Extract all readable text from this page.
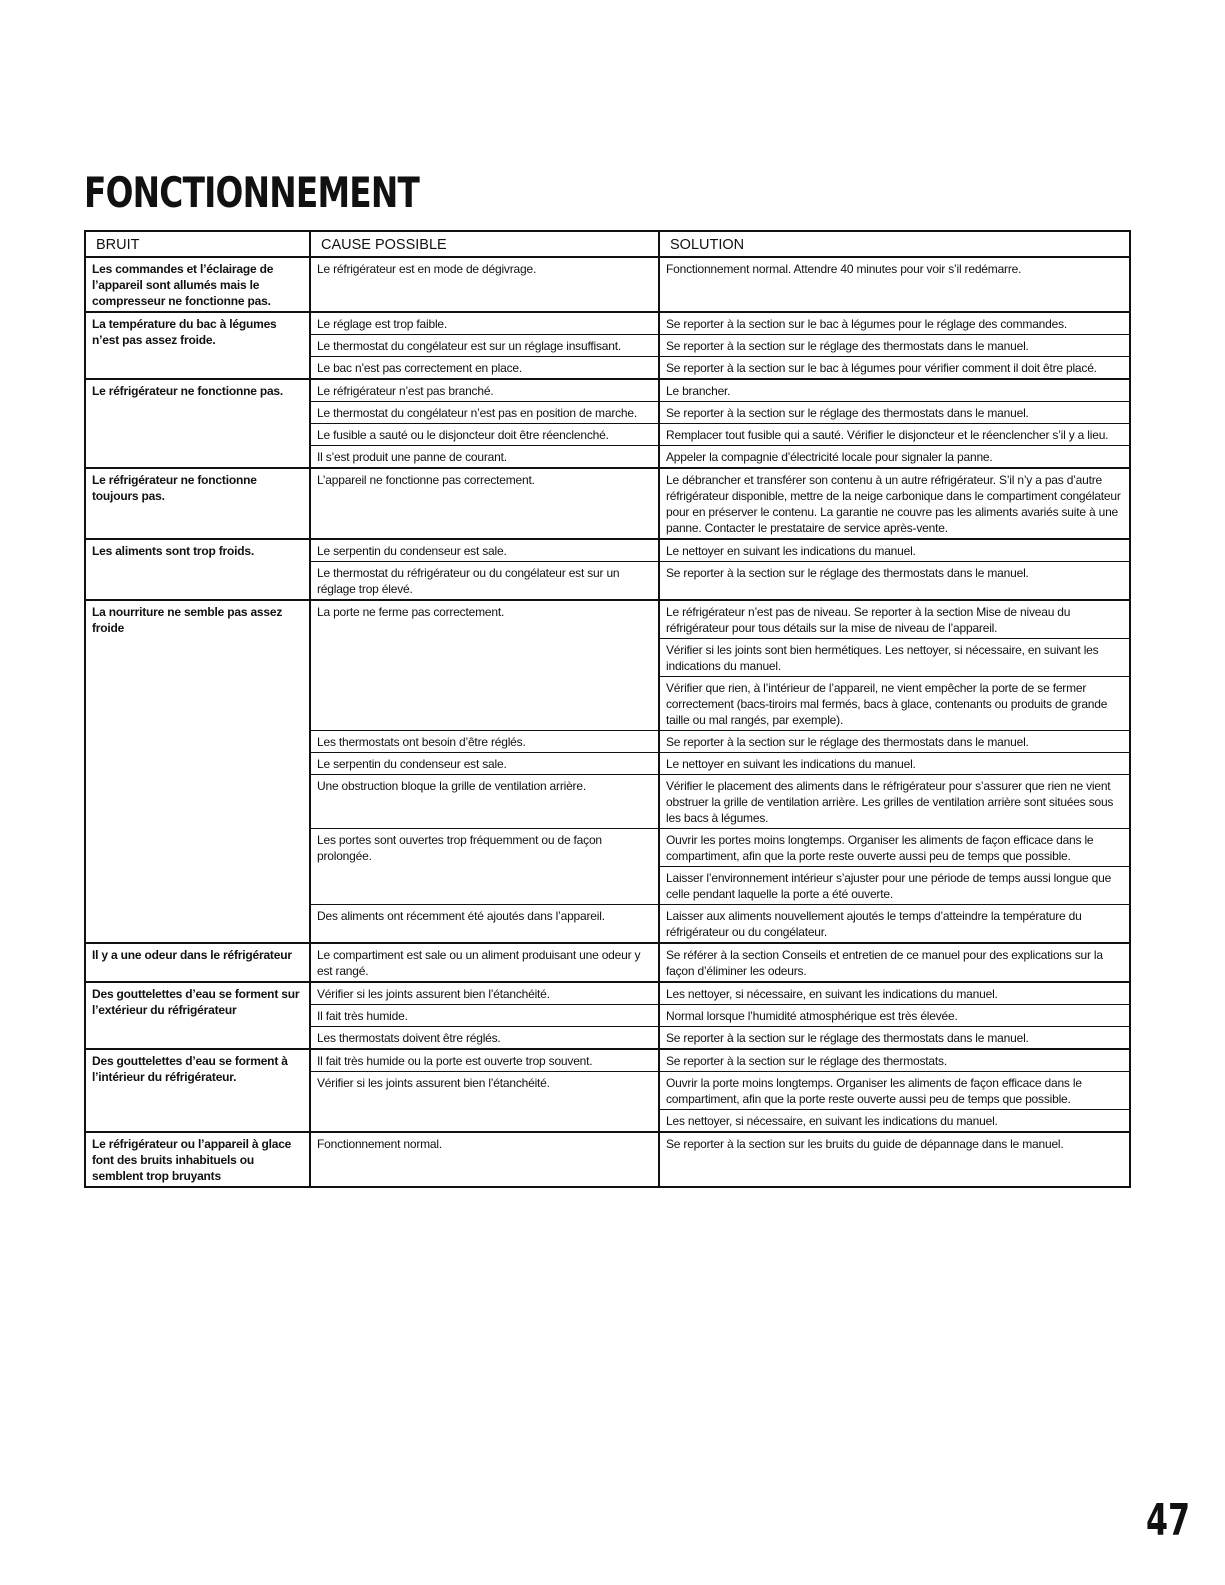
FONCTIONNEMENT
BRUIT	CAUSE POSSIBLE	SOLUTION
Les commandes et l’éclairage de l’appareil sont allumés mais le compresseur ne fonctionne pas.	Le réfrigérateur est en mode de dégivrage.	Fonctionnement normal. Attendre 40 minutes pour voir s’il redémarre.
La température du bac à légumes n’est pas assez froide.	Le réglage est trop faible.	Se reporter à la section sur le bac à légumes pour le réglage des commandes.
	Le thermostat du congélateur est sur un réglage insuffisant.	Se reporter à la section sur le réglage des thermostats dans le manuel.
	Le bac n’est pas correctement en place.	Se reporter à la section sur le bac à légumes pour vérifier comment il doit être placé.
Le réfrigérateur ne fonctionne pas.	Le réfrigérateur n’est pas branché.	Le brancher.
	Le thermostat du congélateur n’est pas en position de marche.	Se reporter à la section sur le réglage des thermostats dans le manuel.
	Le fusible a sauté ou le disjoncteur doit être réenclenché.	Remplacer tout fusible qui a sauté. Vérifier le disjoncteur et le réenclencher s’il y a lieu.
	Il s’est produit une panne de courant.	Appeler la compagnie d’électricité locale pour signaler la panne.
Le réfrigérateur ne fonctionne toujours pas.	L’appareil ne fonctionne pas correctement.	Le débrancher et transférer son contenu à un autre réfrigérateur. S’il n’y a pas d’autre réfrigérateur disponible, mettre de la neige carbonique dans le compartiment congélateur pour en préserver le contenu. La garantie ne couvre pas les aliments avariés suite à une panne. Contacter le prestataire de service après-vente.
Les aliments sont trop froids.	Le serpentin du condenseur est sale.	Le nettoyer en suivant les indications du manuel.
	Le thermostat du réfrigérateur ou du congélateur est sur un réglage trop élevé.	Se reporter à la section sur le réglage des thermostats dans le manuel.
La nourriture ne semble pas assez froide	La porte ne ferme pas correctement.	Le réfrigérateur n’est pas de niveau. Se reporter à la section Mise de niveau du réfrigérateur pour tous détails sur la mise de niveau de l’appareil.
		Vérifier si les joints sont bien hermétiques. Les nettoyer, si nécessaire, en suivant les indications du manuel.
		Vérifier que rien, à l’intérieur de l’appareil, ne vient empêcher la porte de se fermer correctement (bacs-tiroirs mal fermés, bacs à glace, contenants ou produits de grande taille ou mal rangés, par exemple).
	Les thermostats ont besoin d’être réglés.	Se reporter à la section sur le réglage des thermostats dans le manuel.
	Le serpentin du condenseur est sale.	Le nettoyer en suivant les indications du manuel.
	Une obstruction bloque la grille de ventilation arrière.	Vérifier le placement des aliments dans le réfrigérateur pour s’assurer que rien ne vient obstruer la grille de ventilation arrière. Les grilles de ventilation arrière sont situées sous les bacs à légumes.
	Les portes sont ouvertes trop fréquemment ou de façon prolongée.	Ouvrir les portes moins longtemps. Organiser les aliments de façon efficace dans le compartiment, afin que la porte reste ouverte aussi peu de temps que possible.
		Laisser l’environnement intérieur s’ajuster pour une période de temps aussi longue que celle pendant laquelle la porte a été ouverte.
	Des aliments ont récemment été ajoutés dans l’appareil.	Laisser aux aliments nouvellement ajoutés le temps d’atteindre la température du réfrigérateur ou du congélateur.
Il y a une odeur dans le réfrigérateur	Le compartiment est sale ou un aliment produisant une odeur y est rangé.	Se référer à la section Conseils et entretien de ce manuel pour des explications sur la façon d’éliminer les odeurs.
Des gouttelettes d’eau se forment sur l’extérieur du réfrigérateur	Vérifier si les joints assurent bien l’étanchéité.	Les nettoyer, si nécessaire, en suivant les indications du manuel.
	Il fait très humide.	Normal lorsque l’humidité atmosphérique est très élevée.
	Les thermostats doivent être réglés.	Se reporter à la section sur le réglage des thermostats dans le manuel.
Des gouttelettes d’eau se forment à l’intérieur du réfrigérateur.	Il fait très humide ou la porte est ouverte trop souvent.	Se reporter à la section sur le réglage des thermostats.
	Vérifier si les joints assurent bien l’étanchéité.	Ouvrir la porte moins longtemps. Organiser les aliments de façon efficace dans le compartiment, afin que la porte reste ouverte aussi peu de temps que possible.
		Les nettoyer, si nécessaire, en suivant les indications du manuel.
Le réfrigérateur ou l’appareil à glace font des bruits inhabituels ou semblent trop bruyants	Fonctionnement normal.	Se reporter à la section sur les bruits du guide de dépannage dans le manuel.
47
